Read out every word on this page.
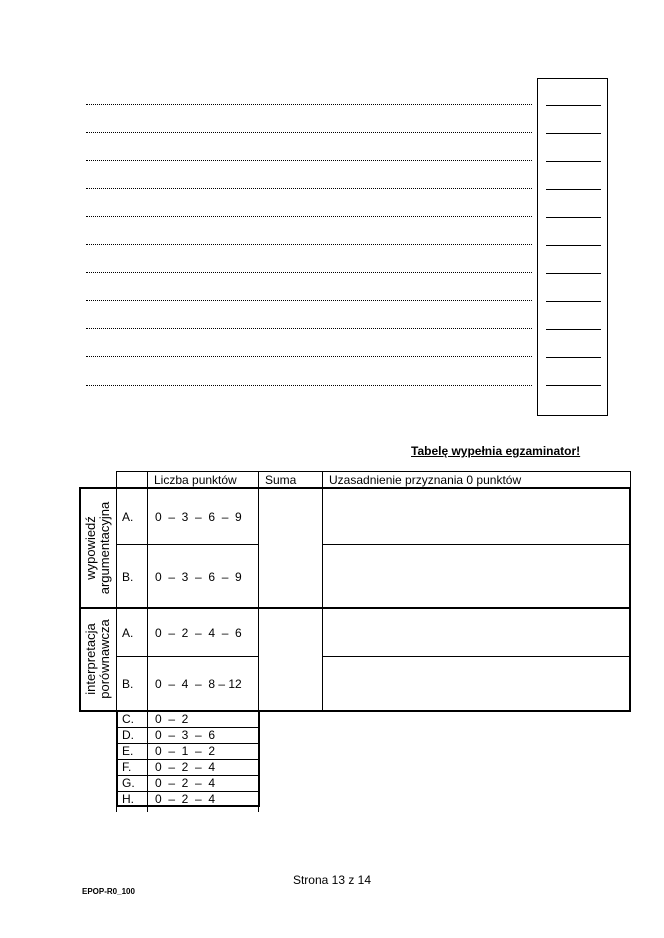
Tabelę wypełnia egzaminator!
Liczba punktów Suma	Uzasadnienie przyznania 0 punktów
wypowiedź
argumentacyjna
interpretacja
porównawcza
A. 0  –  3  –  6  –  9
B. 0  –  3  –  6  –  9
A. 0  –  2  –  4  –  6
B. 0  –  4  –  8 – 12
C. 0  –  2
D. 0  –  3  –  6
E. 0  –  1  –  2
F. 0  –  2  –  4
G. 0  –  2  –  4
H. 0  –  2  –  4
Strona 13 z 14
EPOP-R0_100
